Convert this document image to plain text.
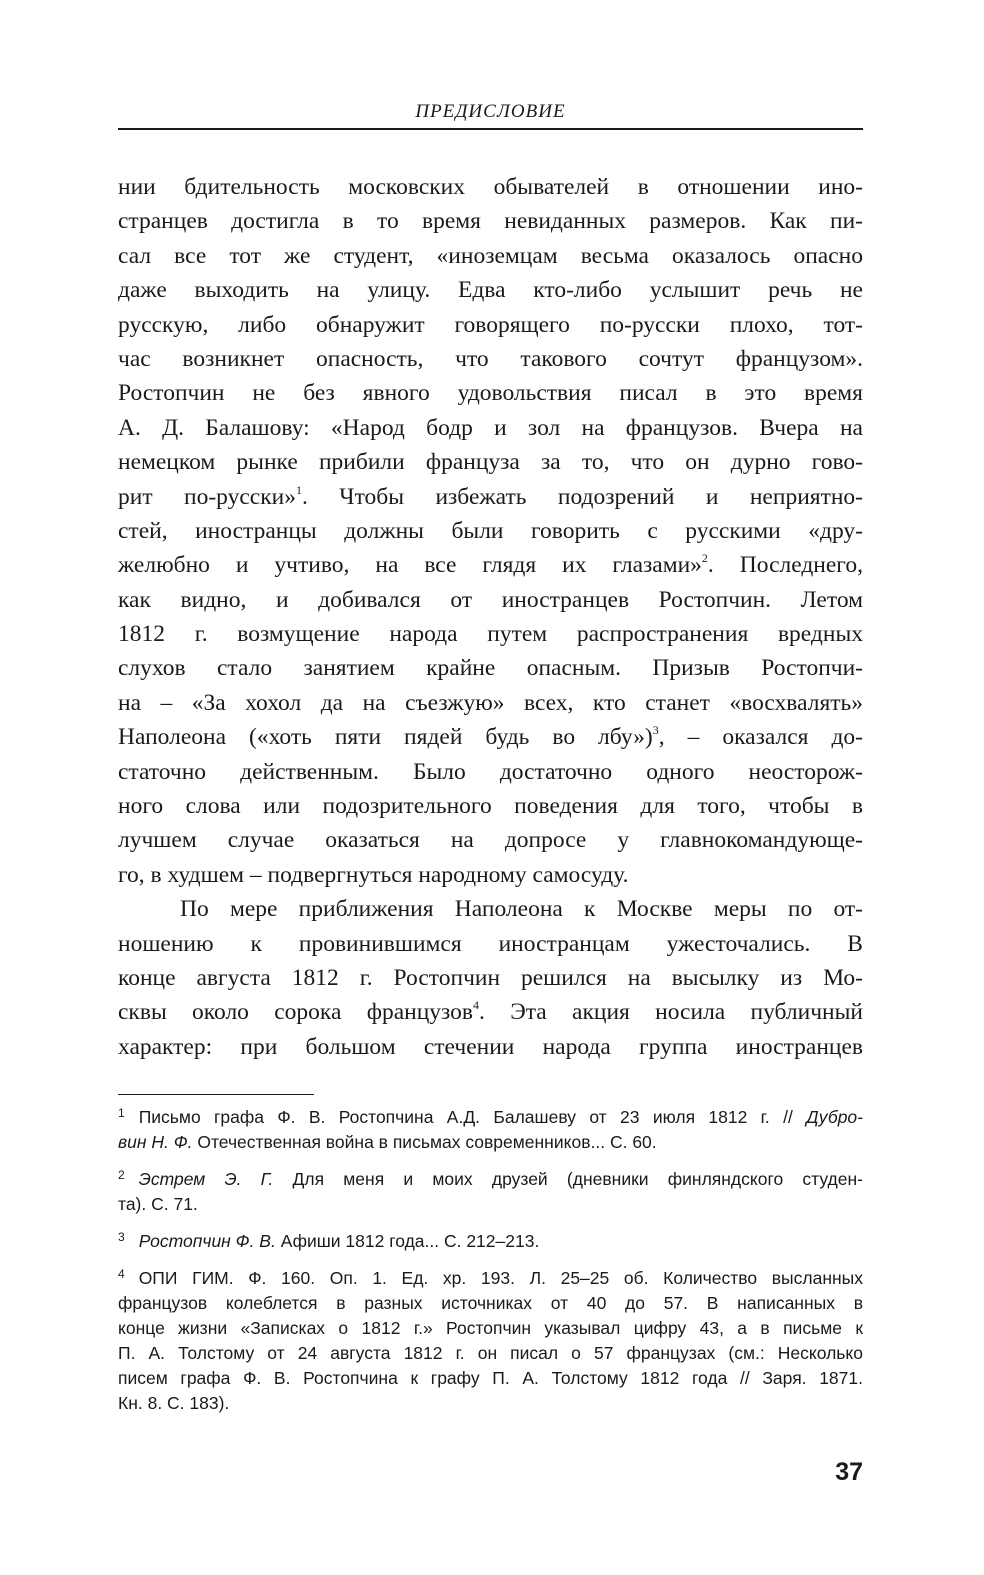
ПРЕДИСЛОВИЕ
нии бдительность московских обывателей в отношении ино-
странцев достигла в то время невиданных размеров. Как пи-
сал все тот же студент, «иноземцам весьма оказалось опасно
даже выходить на улицу. Едва кто-либо услышит речь не
русскую, либо обнаружит говорящего по-русски плохо, тот-
час возникнет опасность, что такового сочтут французом».
Ростопчин не без явного удовольствия писал в это время
А. Д. Балашову: «Народ бодр и зол на французов. Вчера на
немецком рынке прибили француза за то, что он дурно гово-
рит по-русски»$^1$. Чтобы избежать подозрений и неприятно-
стей, иностранцы должны были говорить с русскими «дру-
желюбно и учтиво, на все глядя их глазами»$^2$. Последнего,
как видно, и добивался от иностранцев Ростопчин. Летом
1812 г. возмущение народа путем распространения вредных
слухов стало занятием крайне опасным. Призыв Ростопчи-
на – «За хохол да на съезжую» всех, кто станет «восхвалять»
Наполеона («хоть пяти пядей будь во лбу»)$^3$, – оказался до-
статочно действенным. Было достаточно одного неосторож-
ного слова или подозрительного поведения для того, чтобы в
лучшем случае оказаться на допросе у главнокомандующе-
го, в худшем – подвергнуться народному самосуду.
По мере приближения Наполеона к Москве меры по от-
ношению к провинившимся иностранцам ужесточались. В
конце августа 1812 г. Ростопчин решился на высылку из Мо-
сквы около сорока французов$^4$. Эта акция носила публичный
характер: при большом стечении народа группа иностранцев
$^1$ Письмо графа Ф. В. Ростопчина А.Д. Балашеву от 23 июля 1812 г. // Дубро-
вин Н. Ф. Отечественная война в письмах современников... С. 60.
$^2$ Эстрем Э. Г. Для меня и моих друзей (дневники финляндского студен-
та). С. 71.
$^3$ Ростопчин Ф. В. Афиши 1812 года... С. 212–213.
$^4$ ОПИ ГИМ. Ф. 160. Оп. 1. Ед. хр. 193. Л. 25–25 об. Количество высланных
французов колеблется в разных источниках от 40 до 57. В написанных в
конце жизни «Записках о 1812 г.» Ростопчин указывал цифру 43, а в письме к
П. А. Толстому от 24 августа 1812 г. он писал о 57 французах (см.: Несколько
писем графа Ф. В. Ростопчина к графу П. А. Толстому 1812 года // Заря. 1871.
Кн. 8. С. 183).
37
